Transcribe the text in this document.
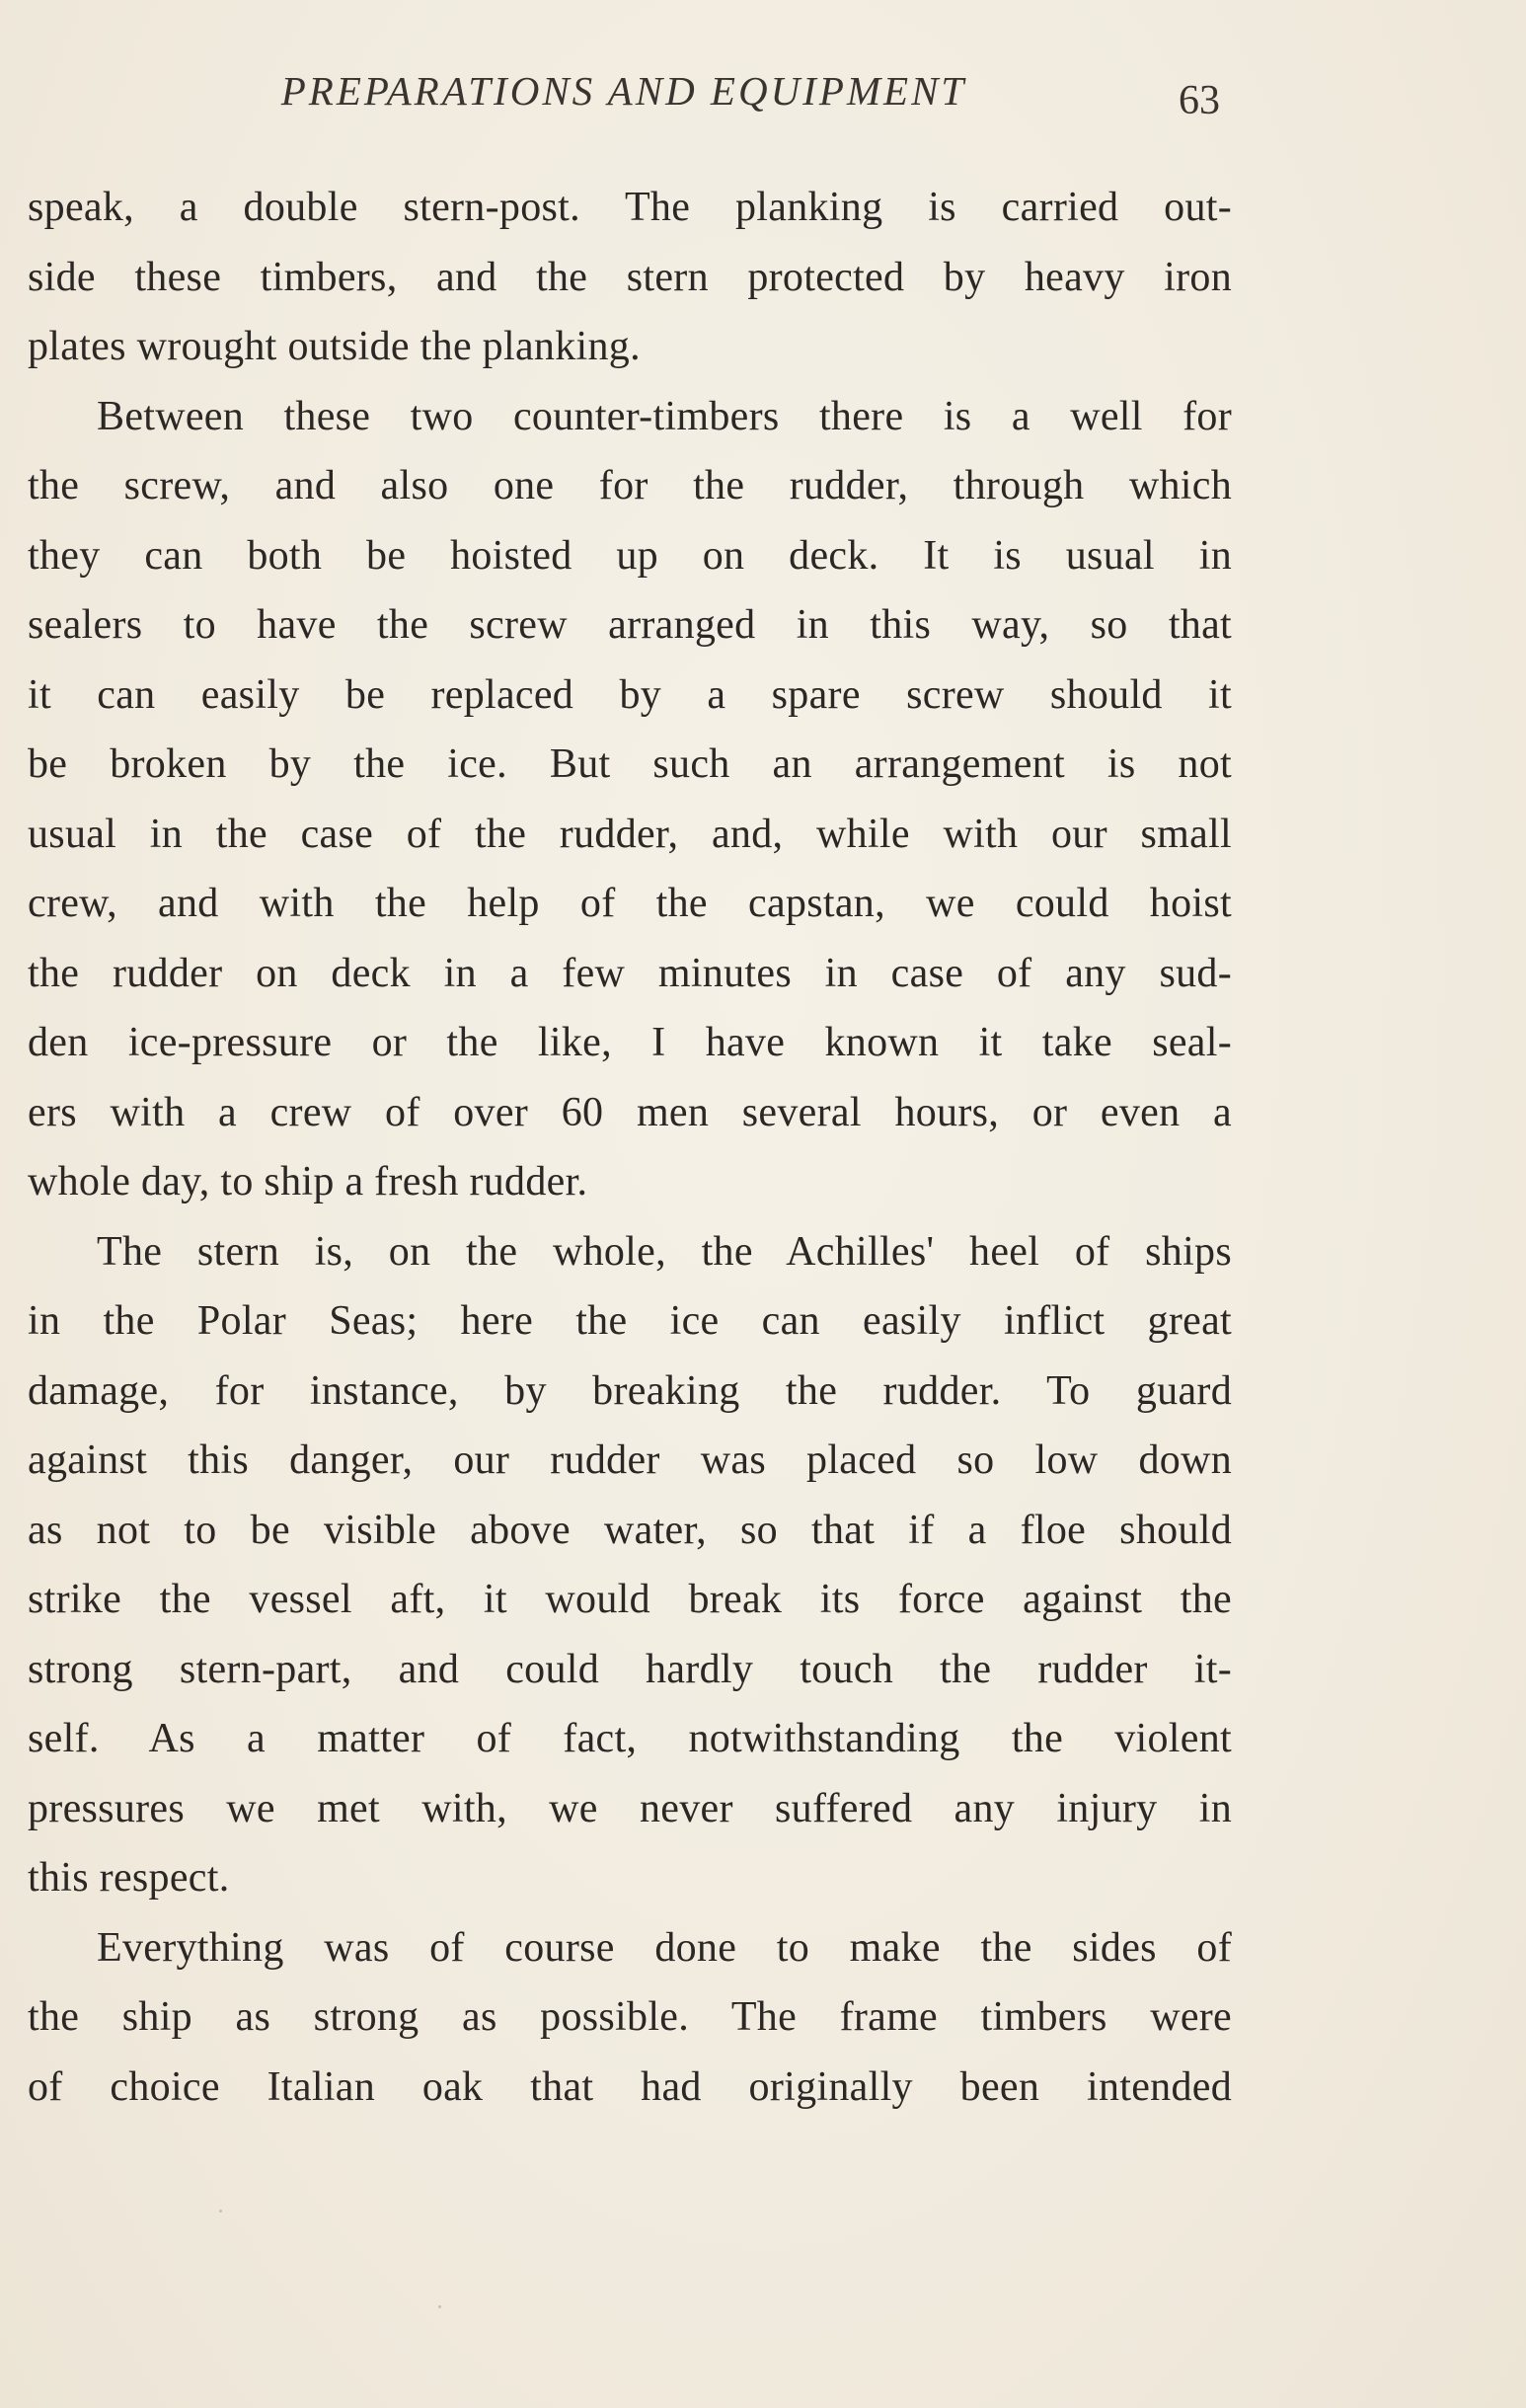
PREPARATIONS AND EQUIPMENT	63
speak, a double stern-post. The planking is carried out-
side these timbers, and the stern protected by heavy iron
plates wrought outside the planking.
Between these two counter-timbers there is a well for
the screw, and also one for the rudder, through which
they can both be hoisted up on deck. It is usual in
sealers to have the screw arranged in this way, so that
it can easily be replaced by a spare screw should it
be broken by the ice. But such an arrangement is not
usual in the case of the rudder, and, while with our small
crew, and with the help of the capstan, we could hoist
the rudder on deck in a few minutes in case of any sud-
den ice-pressure or the like, I have known it take seal-
ers with a crew of over 60 men several hours, or even a
whole day, to ship a fresh rudder.
The stern is, on the whole, the Achilles' heel of ships
in the Polar Seas; here the ice can easily inflict great
damage, for instance, by breaking the rudder. To guard
against this danger, our rudder was placed so low down
as not to be visible above water, so that if a floe should
strike the vessel aft, it would break its force against the
strong stern-part, and could hardly touch the rudder it-
self. As a matter of fact, notwithstanding the violent
pressures we met with, we never suffered any injury in
this respect.
Everything was of course done to make the sides of
the ship as strong as possible. The frame timbers were
of choice Italian oak that had originally been intended
